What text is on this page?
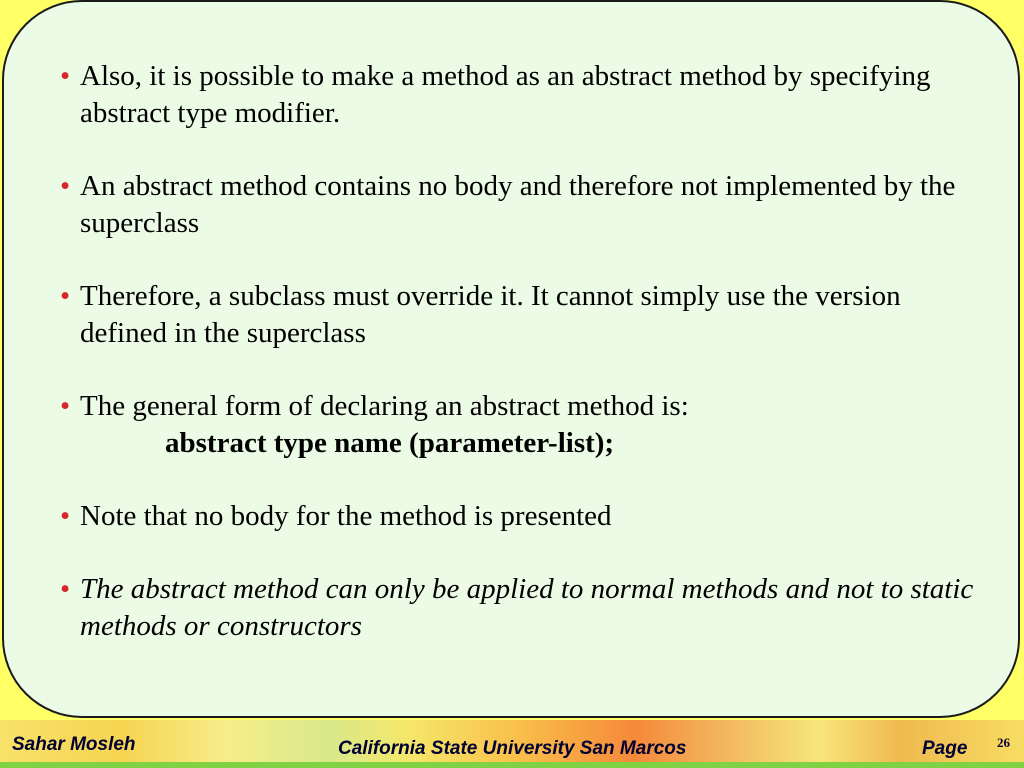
• Also, it is possible to make a method as an abstract method by specifying abstract type modifier.
• An abstract method contains no body and therefore not implemented by the superclass
• Therefore, a subclass must override it. It cannot simply use the version defined in the superclass
• The general form of declaring an abstract method is:
abstract type name (parameter-list);
• Note that no body for the method is presented
• The abstract method can only be applied to normal methods and not to static methods or constructors
Sahar Mosleh	California State University San Marcos	Page 26
